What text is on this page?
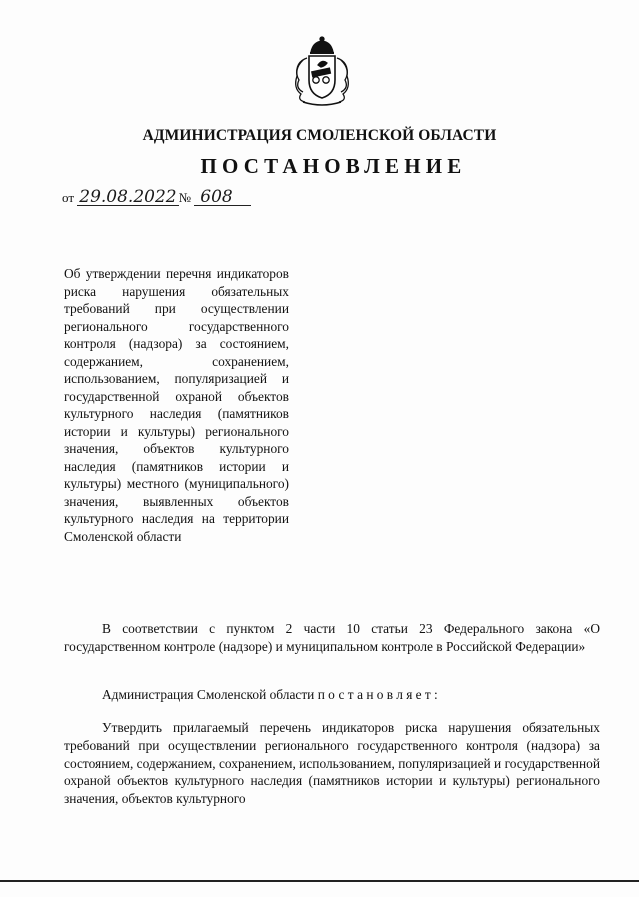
АДМИНИСТРАЦИЯ СМОЛЕНСКОЙ ОБЛАСТИ
ПОСТАНОВЛЕНИЕ
от 29.08.2022 № 608
Об утверждении перечня индикаторов риска нарушения обязательных требований при осуществлении регионального государственного контроля (надзора) за состоянием, содержанием, сохранением, использованием, популяризацией и государственной охраной объектов культурного наследия (памятников истории и культуры) регионального значения, объектов культурного наследия (памятников истории и культуры) местного (муниципального) значения, выявленных объектов культурного наследия на территории Смоленской области
В соответствии с пунктом 2 части 10 статьи 23 Федерального закона «О государственном контроле (надзоре) и муниципальном контроле в Российской Федерации»
Администрация Смоленской области постановляет:
Утвердить прилагаемый перечень индикаторов риска нарушения обязательных требований при осуществлении регионального государственного контроля (надзора) за состоянием, содержанием, сохранением, использованием, популяризацией и государственной охраной объектов культурного наследия (памятников истории и культуры) регионального значения, объектов культурного
